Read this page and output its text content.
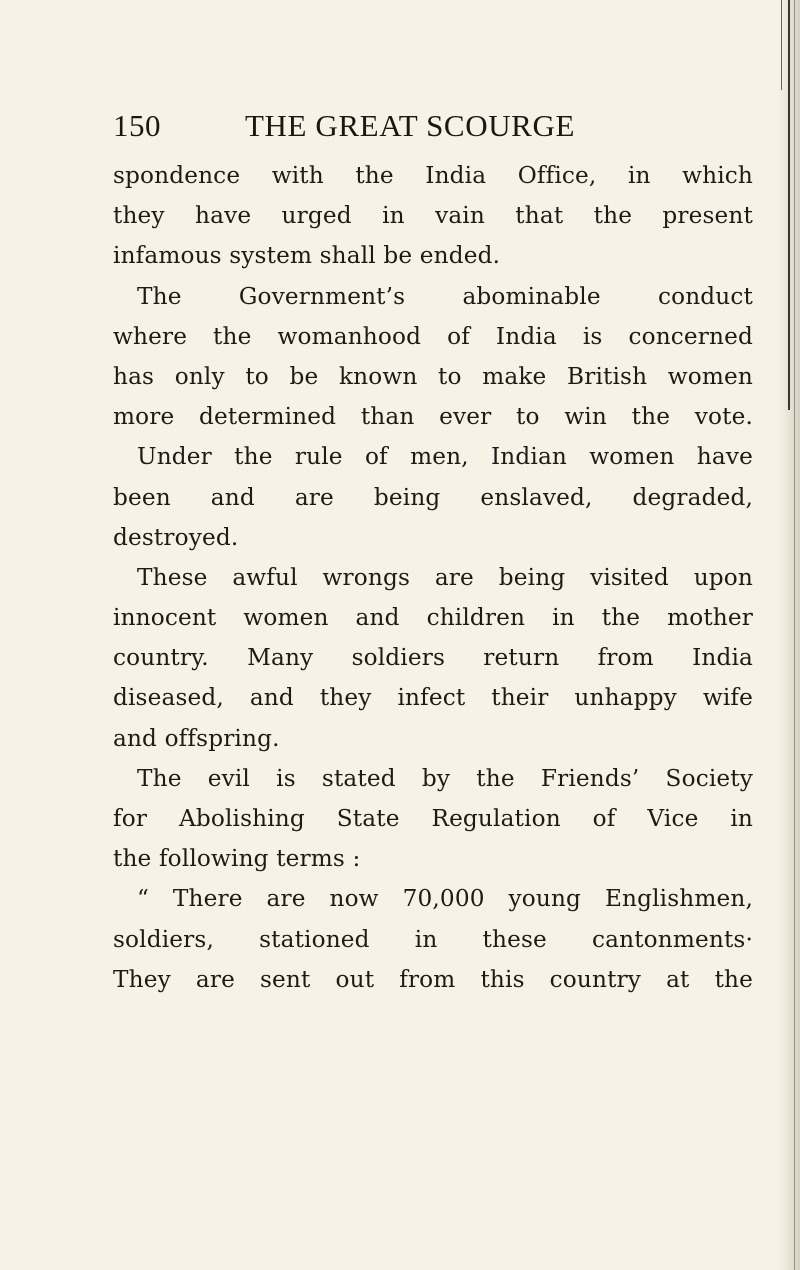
150	THE GREAT SCOURGE
spondence with the India Office, in which
they have urged in vain that the present
infamous system shall be ended.
The Government’s abominable conduct
where the womanhood of India is concerned
has only to be known to make British women
more determined than ever to win the vote.
Under the rule of men, Indian women have
been and are being enslaved, degraded,
destroyed.
These awful wrongs are being visited upon
innocent women and children in the mother
country. Many soldiers return from India
diseased, and they infect their unhappy wife
and offspring.
The evil is stated by the Friends’ Society
for Abolishing State Regulation of Vice in
the following terms :
“ There are now 70,000 young Englishmen,
soldiers, stationed in these cantonments·
They are sent out from this country at the
